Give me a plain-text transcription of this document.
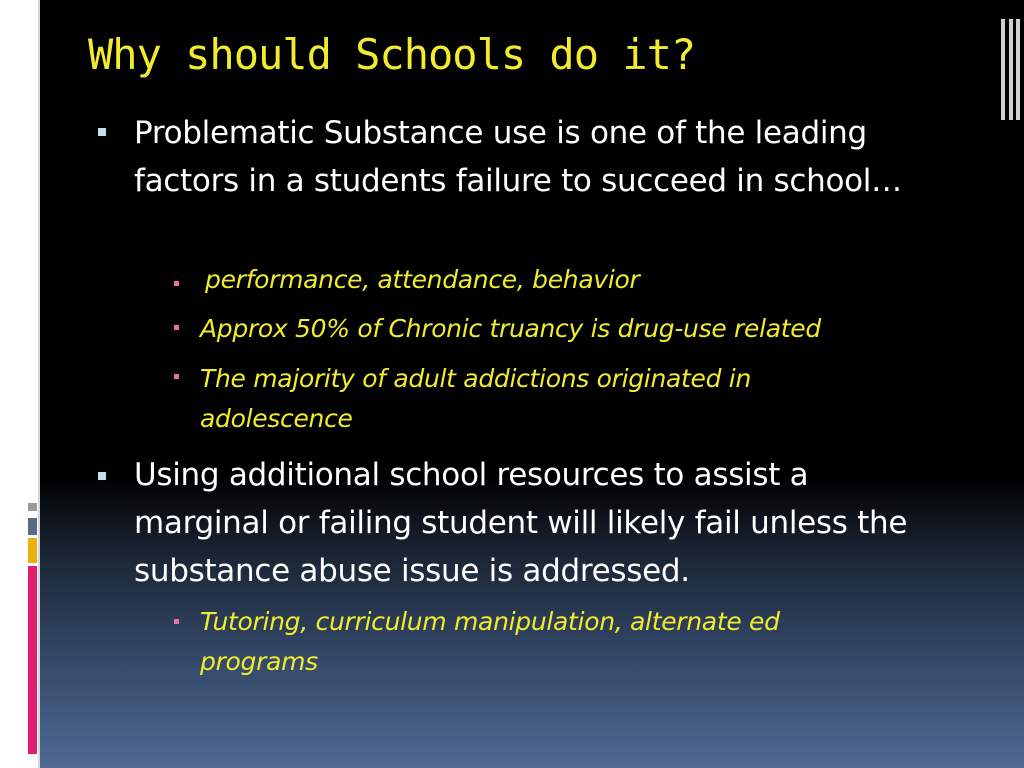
Why should Schools do it?
Problematic Substance use is one of the leading factors in a students failure to succeed in school…
performance, attendance, behavior
Approx 50% of Chronic truancy is drug-use related
The majority of adult addictions originated in adolescence
Using additional school resources to assist a marginal or failing student will likely fail unless the substance abuse issue is addressed.
Tutoring, curriculum manipulation, alternate ed programs
